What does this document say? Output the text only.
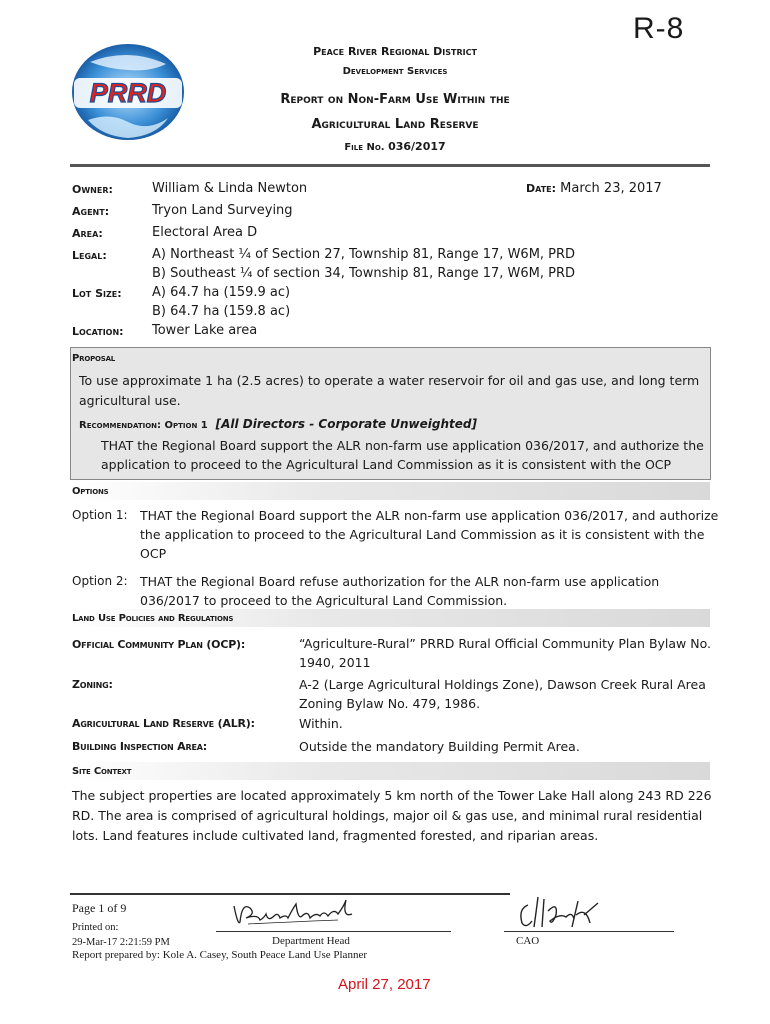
R-8
PRRD
Peace River Regional District
Development Services
Report on Non-Farm Use Within the
Agricultural Land Reserve
File No. 036/2017
Owner:	William & Linda Newton	Date: March 23, 2017
Agent:	Tryon Land Surveying
Area:	Electoral Area D
Legal:	A) Northeast ¼ of Section 27, Township 81, Range 17, W6M, PRD
B) Southeast ¼ of section 34, Township 81, Range 17, W6M, PRD
Lot Size: A) 64.7 ha (159.9 ac)
B) 64.7 ha (159.8 ac)
Location: Tower Lake area
Proposal
To use approximate 1 ha (2.5 acres) to operate a water reservoir for oil and gas use, and long term
agricultural use.
Recommendation: Option 1 [All Directors - Corporate Unweighted]
THAT the Regional Board support the ALR non-farm use application 036/2017, and authorize the
application to proceed to the Agricultural Land Commission as it is consistent with the OCP
Options
Option 1: THAT the Regional Board support the ALR non-farm use application 036/2017, and authorize
the application to proceed to the Agricultural Land Commission as it is consistent with the
OCP
Option 2: THAT the Regional Board refuse authorization for the ALR non-farm use application
036/2017 to proceed to the Agricultural Land Commission.
Land Use Policies and Regulations
Official Community Plan (OCP):	“Agriculture-Rural” PRRD Rural Official Community Plan Bylaw No.
1940, 2011
Zoning:	A-2 (Large Agricultural Holdings Zone), Dawson Creek Rural Area
Zoning Bylaw No. 479, 1986.
Agricultural Land Reserve (ALR):	Within.
Building Inspection Area:	Outside the mandatory Building Permit Area.
Site Context
The subject properties are located approximately 5 km north of the Tower Lake Hall along 243 RD 226
RD. The area is comprised of agricultural holdings, major oil & gas use, and minimal rural residential
lots. Land features include cultivated land, fragmented forested, and riparian areas.
Page 1 of 9
Printed on:
29-Mar-17 2:21:59 PM	Department Head	CAO
Report prepared by: Kole A. Casey, South Peace Land Use Planner
April 27, 2017
